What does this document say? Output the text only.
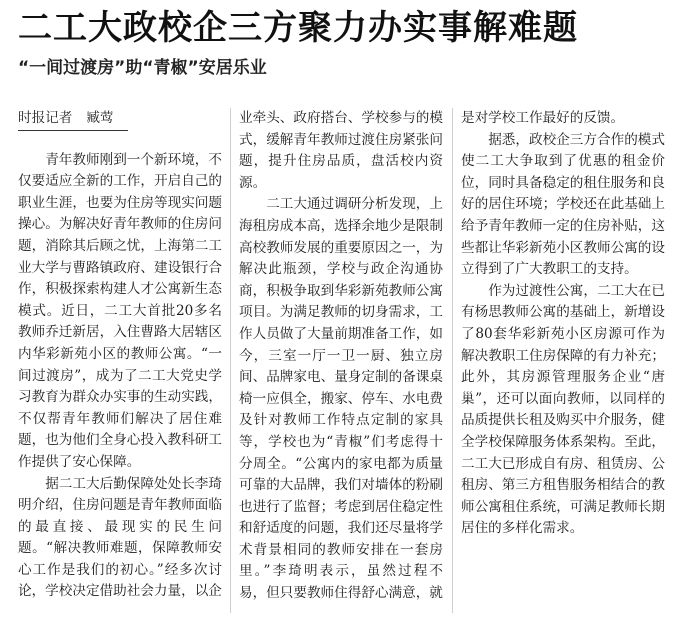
二工大政校企三方聚力办实事解难题
“一间过渡房”助“青椒”安居乐业
时报记者 臧莺

青年教师刚到一个新环境，不仅要适应全新的工作，开启自己的职业生涯，也要为住房等现实问题操心。为解决好青年教师的住房问题，消除其后顾之忧，上海第二工业大学与曹路镇政府、建设银行合作，积极探索构建人才公寓新生态模式。近日，二工大首批20多名教师乔迁新居，入住曹路大居辖区内华彩新苑小区的教师公寓。“一间过渡房”，成为了二工大党史学习教育为群众办实事的生动实践，不仅帮青年教师们解决了居住难题，也为他们全身心投入教科研工作提供了安心保障。

据二工大后勤保障处处长李琦明介绍，住房问题是青年教师面临的最直接、最现实的民生问题。“解决教师难题，保障教师安心工作是我们的初心。”经多次讨论，学校决定借助社会力量，以企

业牵头、政府搭台、学校参与的模式，缓解青年教师过渡住房紧张问题，提升住房品质，盘活校内资源。

二工大通过调研分析发现，上海租房成本高，选择余地少是限制高校教师发展的重要原因之一，为解决此瓶颈，学校与政企沟通协商，积极争取到华彩新苑教师公寓项目。为满足教师的切身需求，工作人员做了大量前期准备工作，如今，三室一厅一卫一厨、独立房间、品牌家电、量身定制的备课桌椅一应俱全，搬家、停车、水电费及针对教师工作特点定制的家具等，学校也为“青椒”们考虑得十分周全。“公寓内的家电都为质量可靠的大品牌，我们对墙体的粉刷也进行了监督；考虑到居住稳定性和舒适度的问题，我们还尽量将学术背景相同的教师安排在一套房里。”李琦明表示，虽然过程不易，但只要教师住得舒心满意，就

是对学校工作最好的反馈。

据悉，政校企三方合作的模式使二工大争取到了优惠的租金价位，同时具备稳定的租住服务和良好的居住环境；学校还在此基础上给予青年教师一定的住房补贴，这些都让华彩新苑小区教师公寓的设立得到了广大教职工的支持。

作为过渡性公寓，二工大在已有杨思教师公寓的基础上，新增设了80套华彩新苑小区房源可作为解决教职工住房保障的有力补充；此外，其房源管理服务企业“唐巢”，还可以面向教师，以同样的品质提供长租及购买中介服务，健全学校保障服务体系架构。至此，二工大已形成自有房、租赁房、公租房、第三方租售服务相结合的教师公寓租住系统，可满足教师长期居住的多样化需求。
